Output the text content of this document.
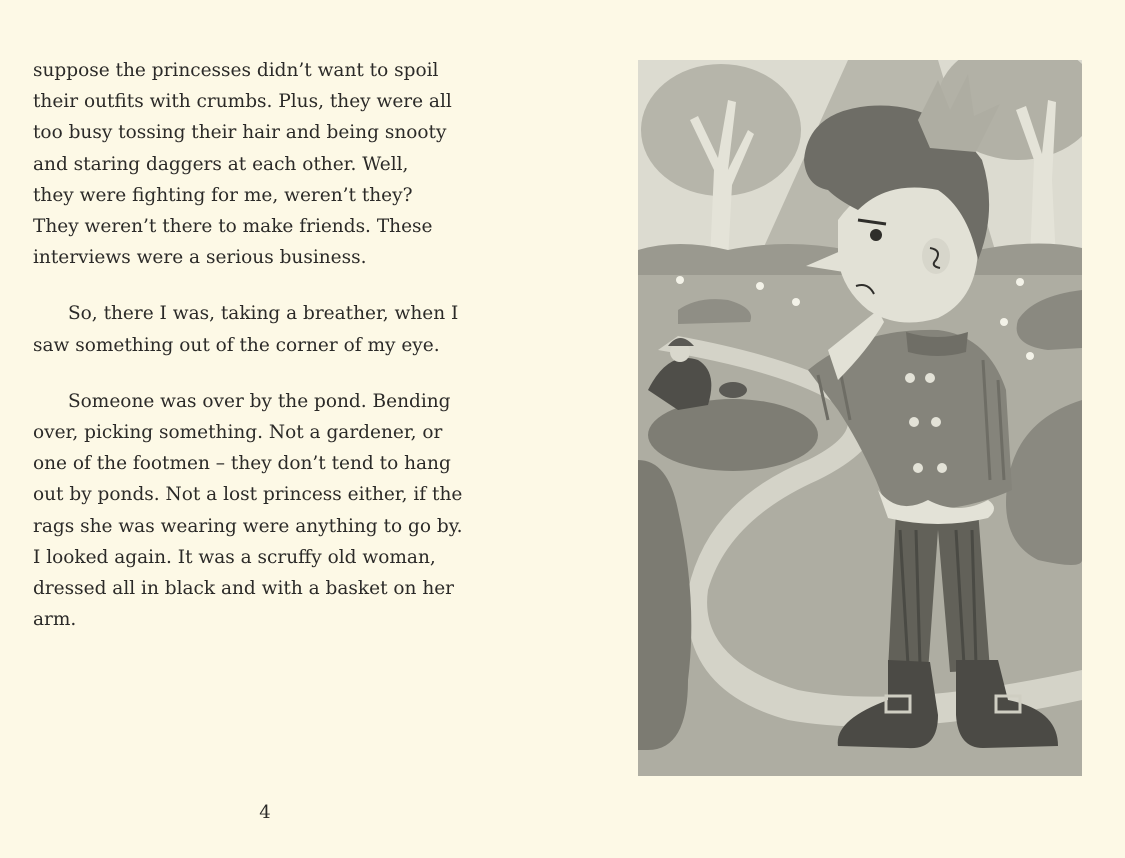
suppose the princesses didn’t want to spoil
their outfits with crumbs. Plus, they were all
too busy tossing their hair and being snooty
and staring daggers at each other. Well,
they were fighting for me, weren’t they?
They weren’t there to make friends. These
interviews were a serious business.

So, there I was, taking a breather, when I
saw something out of the corner of my eye.

Someone was over by the pond. Bending
over, picking something. Not a gardener, or
one of the footmen – they don’t tend to hang
out by ponds. Not a lost princess either, if the
rags she was wearing were anything to go by.
I looked again. It was a scruffy old woman,
dressed all in black and with a basket on her
arm.

4
